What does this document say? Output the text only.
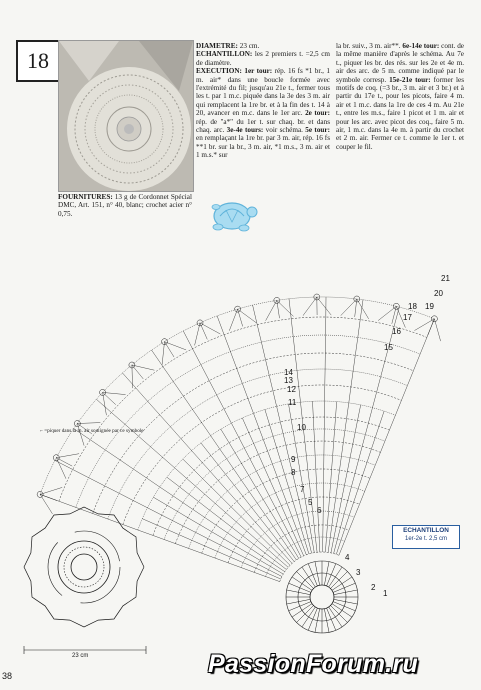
18
DIAMETRE: 23 cm.
ECHANTILLON: les 2 premiers t. =2,5 cm de diamètre.
EXECUTION: 1er tour: rép. 16 fs *1 br., 1 m. air* dans une boucle formée avec l'extrémité du fil; jusqu'au 21e t., fermer tous les t. par 1 m.c. piquée dans la 3e des 3 m. air qui remplacent la 1re br. et à la fin des t. 14 à 20, avancer en m.c. dans le 1er arc. 2e tour: rép. de "a*" du 1er t. sur chaq. br. et dans chaq. arc. 3e-4e tours: voir schéma. 5e tour: en remplaçant la 1re br. par 3 m. air, rép. 16 fs **1 br. sur la br., 3 m. air, *1 m.s., 3 m. air et 1 m.s.* sur
la br. suiv., 3 m. air**. 6e-14e tour: cont. de la même manière d'après le schéma. Au 7e t., piquer les br. des rés. sur les 2e et 4e m. air des arc. de 5 m. comme indiqué par le symbole corresp. 15e-21e tour: former les motifs de coq. (=3 br., 3 m. air et 3 br.) et à partir du 17e t., pour les picots, faire 4 m. air et 1 m.c. dans la 1re de ces 4 m. Au 21e t., entre les m.s., faire 1 picot et 1 m. air et pour les arc. avec picot des coq., faire 5 m. air, 1 m.c. dans la 4e m. à partir du crochet et 2 m. air. Fermer ce t. comme le 1er t. et couper le fil.
FOURNITURES: 13 g de Cordonnet Spécial DMC, Art. 151, n° 40, blanc; crochet acier n° 0,75.
1
2
3
4
5
6
7
8
9
10
11
12
13
14
15
16
17
18 19
20
21
⌐ =piquer dans la m. air soulignée par ce symbole
ECHANTILLON
1er-2e t. 2,5 cm
23 cm
38	PassionForum.ru
